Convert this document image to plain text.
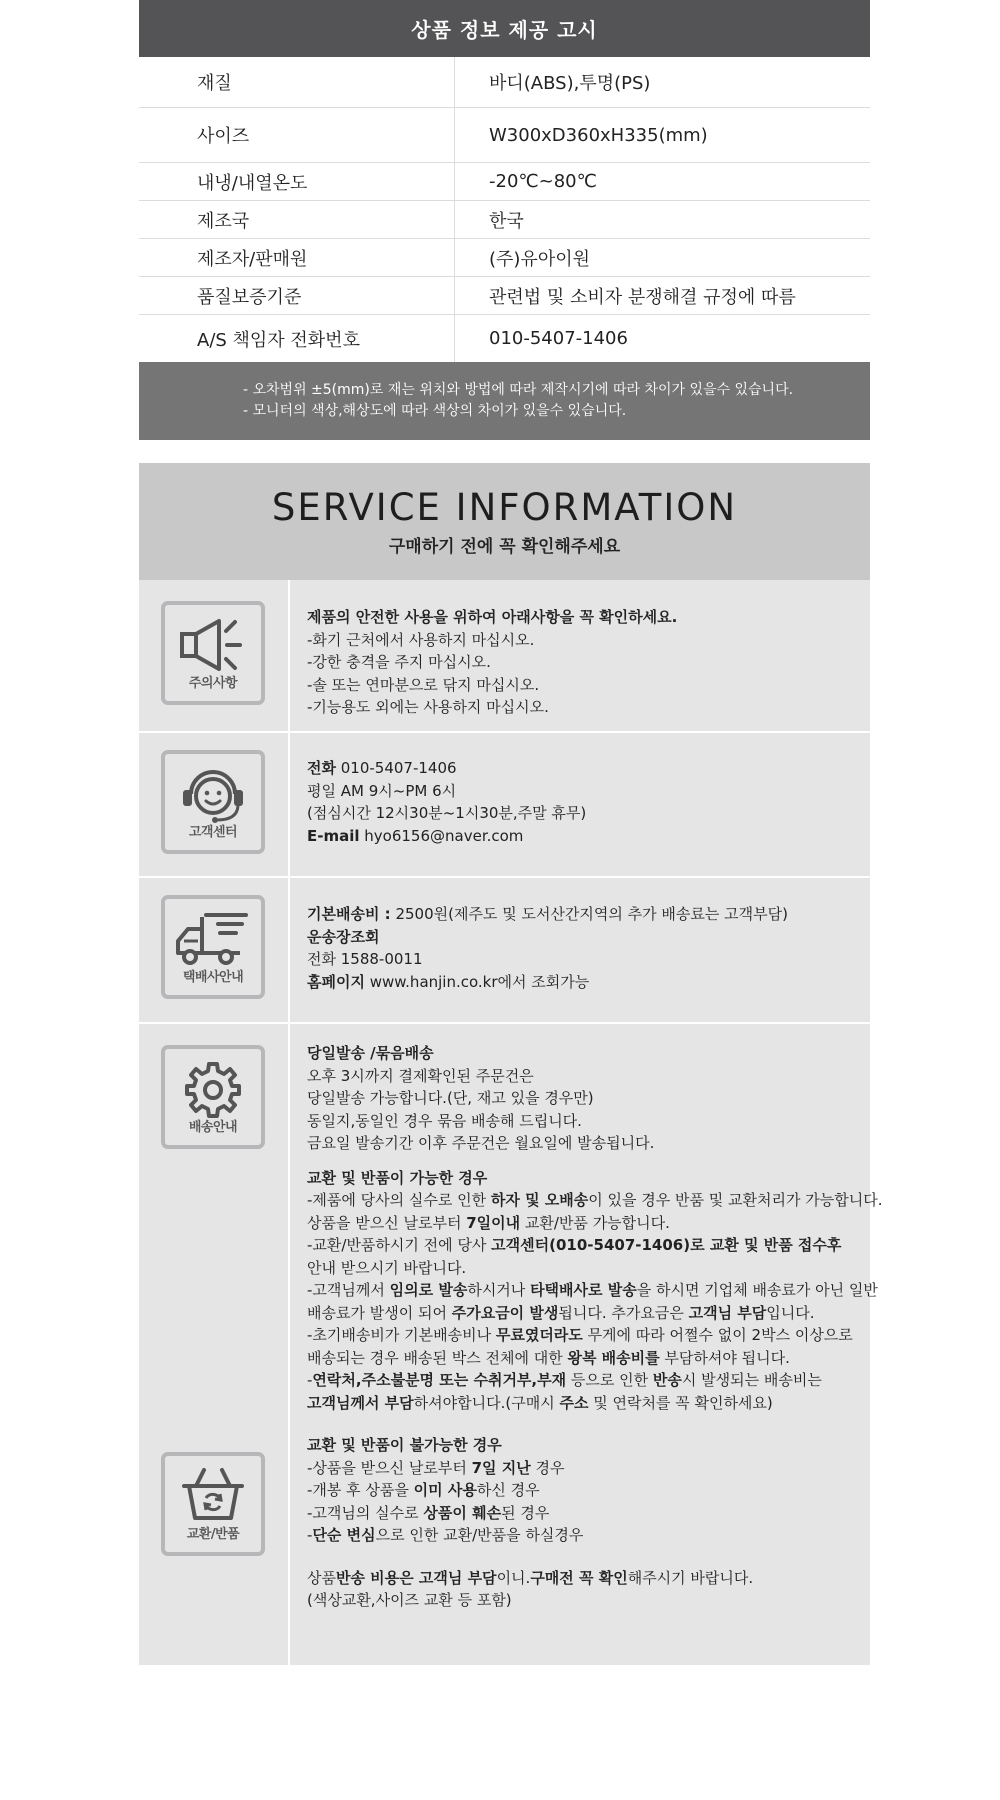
상품 정보 제공 고시
재질	바디(ABS),투명(PS)
사이즈	W300xD360xH335(mm)
내냉/내열온도	-20℃~80℃
제조국	한국
제조자/판매원	(주)유아이원
품질보증기준	관련법 및 소비자 분쟁해결 규정에 따름
A/S 책임자 전화번호	010-5407-1406
- 오차범위 ±5(mm)로 재는 위치와 방법에 따라 제작시기에 따라 차이가 있을수 있습니다.
- 모니터의 색상,해상도에 따라 색상의 차이가 있을수 있습니다.
SERVICE INFORMATION
구매하기 전에 꼭 확인해주세요
주의사항
제품의 안전한 사용을 위하여 아래사항을 꼭 확인하세요.
-화기 근처에서 사용하지 마십시오.
-강한 충격을 주지 마십시오.
-솔 또는 연마분으로 닦지 마십시오.
-기능용도 외에는 사용하지 마십시오.
고객센터
전화 010-5407-1406
평일 AM 9시~PM 6시
(점심시간 12시30분~1시30분,주말 휴무)
E-mail hyo6156@naver.com
택배사안내
기본배송비 : 2500원(제주도 및 도서산간지역의 추가 배송료는 고객부담)
운송장조회
전화 1588-0011
홈페이지 www.hanjin.co.kr에서 조회가능
배송안내
교환/반품
당일발송 /묶음배송
오후 3시까지 결제확인된 주문건은
당일발송 가능합니다.(단, 재고 있을 경우만)
동일지,동일인 경우 묶음 배송해 드립니다.
금요일 발송기간 이후 주문건은 월요일에 발송됩니다.
교환 및 반품이 가능한 경우
-제품에 당사의 실수로 인한 하자 및 오배송이 있을 경우 반품 및 교환처리가 가능합니다.
상품을 받으신 날로부터 7일이내 교환/반품 가능합니다.
-교환/반품하시기 전에 당사 고객센터(010-5407-1406)로 교환 및 반품 접수후
안내 받으시기 바랍니다.
-고객님께서 임의로 발송하시거나 타택배사로 발송을 하시면 기업체 배송료가 아닌 일반
배송료가 발생이 되어 주가요금이 발생됩니다. 추가요금은 고객님 부담입니다.
-초기배송비가 기본배송비나 무료였더라도 무게에 따라 어쩔수 없이 2박스 이상으로
배송되는 경우 배송된 박스 전체에 대한 왕복 배송비를 부담하셔야 됩니다.
-연락처,주소불분명 또는 수취거부,부재 등으로 인한 반송시 발생되는 배송비는
고객님께서 부담하셔야합니다.(구매시 주소 및 연락처를 꼭 확인하세요)
교환 및 반품이 불가능한 경우
-상품을 받으신 날로부터 7일 지난 경우
-개봉 후 상품을 이미 사용하신 경우
-고객님의 실수로 상품이 훼손된 경우
-단순 변심으로 인한 교환/반품을 하실경우
상품반송 비용은 고객님 부담이니.구매전 꼭 확인해주시기 바랍니다.
(색상교환,사이즈 교환 등 포함)
